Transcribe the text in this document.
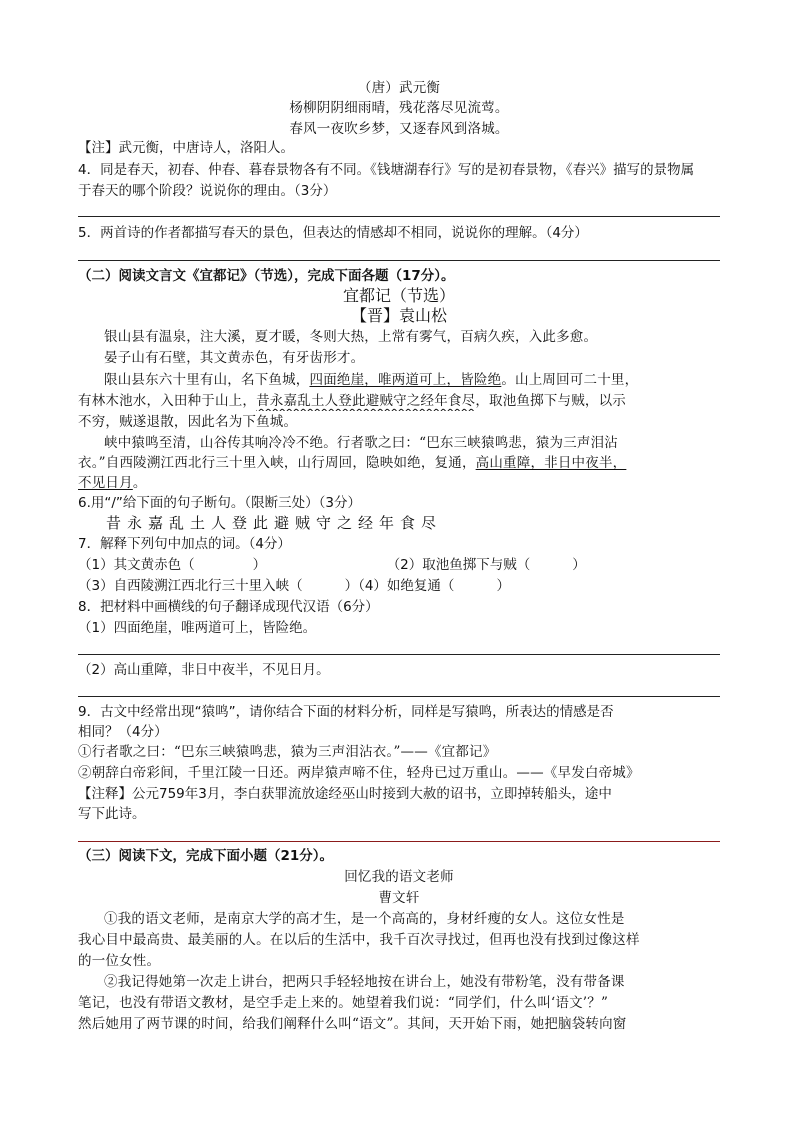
（唐）武元衡
杨柳阴阴细雨晴，残花落尽见流莺。
春风一夜吹乡梦，又逐春风到洛城。
【注】武元衡，中唐诗人，洛阳人。
4．同是春天，初春、仲春、暮春景物各有不同。《钱塘湖春行》写的是初春景物，《春兴》描写的景物属
于春天的哪个阶段？说说你的理由。（3分）
5．两首诗的作者都描写春天的景色，但表达的情感却不相同，说说你的理解。（4分）
（二）阅读文言文《宜都记》（节选），完成下面各题（17分）。
宜都记（节选）
【晋】袁山松
银山县有温泉，注大溪，夏才暖，冬则大热，上常有雾气，百病久疾，入此多愈。
晏子山有石壁，其文黄赤色，有牙齿形才。
限山县东六十里有山，名下鱼城，四面绝崖，唯两道可上，皆险绝。山上周回可二十里，
有林木池水，入田种于山上，昔永嘉乱土人登此避贼守之经年食尽，取池鱼掷下与贼，以示
不穷，贼遂退散，因此名为下鱼城。
峡中猿鸣至清，山谷传其响冷冷不绝。行者歌之曰：“巴东三峡猿鸣悲，猿为三声泪沾
衣。”自西陵溯江西北行三十里入峡，山行周回，隐映如绝，复通，高山重障，非日中夜半，
不见日月。
6.用“/”给下面的句子断句。（限断三处）（3分）
昔永嘉乱土人登此避贼守之经年食尽
7．解释下列句中加点的词。（4分）
（1）其文黄赤色（	）	（2）取池鱼掷下与贼（	）
（3）自西陵溯江西北行三十里入峡（	）（4）如绝复通（	）
8．把材料中画横线的句子翻译成现代汉语（6分）
（1）四面绝崖，唯两道可上，皆险绝。
（2）高山重障，非日中夜半，不见日月。
9．古文中经常出现“猿鸣”，请你结合下面的材料分析，同样是写猿鸣，所表达的情感是否
相同？（4分）
①行者歌之曰：“巴东三峡猿鸣悲，猿为三声泪沾衣。”——《宜都记》
②朝辞白帝彩间，千里江陵一日还。两岸猿声啼不住，轻舟已过万重山。——《早发白帝城》
【注释】公元759年3月，李白获罪流放途经巫山时接到大赦的诏书，立即掉转船头，途中
写下此诗。
（三）阅读下文，完成下面小题（21分）。
回忆我的语文老师
曹文轩
①我的语文老师，是南京大学的高才生，是一个高高的，身材纤瘦的女人。这位女性是
我心目中最高贵、最美丽的人。在以后的生活中，我千百次寻找过，但再也没有找到过像这样
的一位女性。
②我记得她第一次走上讲台，把两只手轻轻地按在讲台上，她没有带粉笔，没有带备课
笔记，也没有带语文教材，是空手走上来的。她望着我们说：“同学们，什么叫‘语文’？”
然后她用了两节课的时间，给我们阐释什么叫“语文”。其间，天开始下雨，她把脑袋转向窗
